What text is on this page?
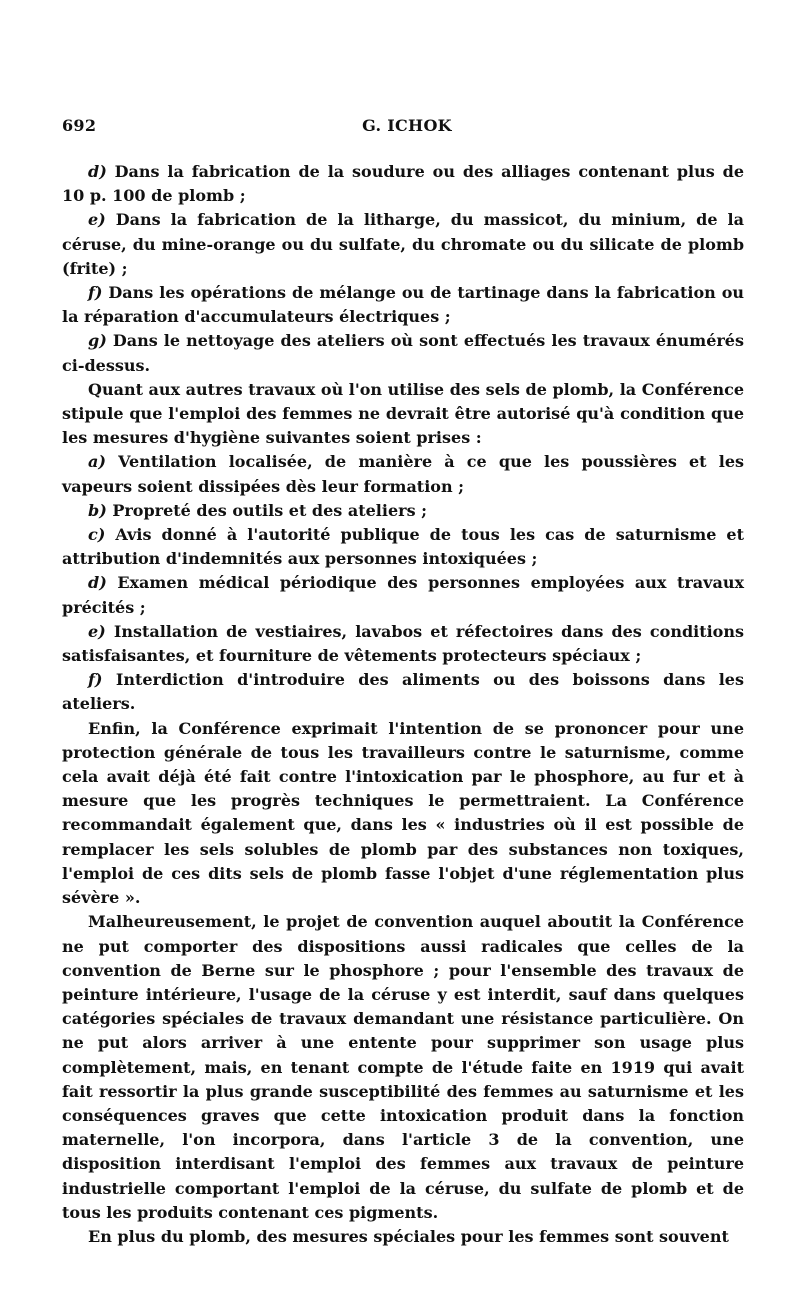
692	G. ICHOK

d) Dans la fabrication de la soudure ou des alliages contenant plus de 10 p. 100 de plomb ;

e) Dans la fabrication de la litharge, du massicot, du minium, de la céruse, du mine-orange ou du sulfate, du chromate ou du silicate de plomb (frite) ;

f) Dans les opérations de mélange ou de tartinage dans la fabrication ou la réparation d'accumulateurs électriques ;

g) Dans le nettoyage des ateliers où sont effectués les travaux énumérés ci-dessus.

Quant aux autres travaux où l'on utilise des sels de plomb, la Conférence stipule que l'emploi des femmes ne devrait être autorisé qu'à condition que les mesures d'hygiène suivantes soient prises :

a) Ventilation localisée, de manière à ce que les poussières et les vapeurs soient dissipées dès leur formation ;

b) Propreté des outils et des ateliers ;

c) Avis donné à l'autorité publique de tous les cas de saturnisme et attribution d'indemnités aux personnes intoxiquées ;

d) Examen médical périodique des personnes employées aux travaux précités ;

e) Installation de vestiaires, lavabos et réfectoires dans des conditions satisfaisantes, et fourniture de vêtements protecteurs spéciaux ;

f) Interdiction d'introduire des aliments ou des boissons dans les ateliers.

Enfin, la Conférence exprimait l'intention de se prononcer pour une protection générale de tous les travailleurs contre le saturnisme, comme cela avait déjà été fait contre l'intoxication par le phosphore, au fur et à mesure que les progrès techniques le permettraient. La Conférence recommandait également que, dans les « industries où il est possible de remplacer les sels solubles de plomb par des substances non toxiques, l'emploi de ces dits sels de plomb fasse l'objet d'une réglementation plus sévère ».

Malheureusement, le projet de convention auquel aboutit la Conférence ne put comporter des dispositions aussi radicales que celles de la convention de Berne sur le phosphore ; pour l'ensemble des travaux de peinture intérieure, l'usage de la céruse y est interdit, sauf dans quelques catégories spéciales de travaux demandant une résistance particulière. On ne put alors arriver à une entente pour supprimer son usage plus complètement, mais, en tenant compte de l'étude faite en 1919 qui avait fait ressortir la plus grande susceptibilité des femmes au saturnisme et les conséquences graves que cette intoxication produit dans la fonction maternelle, l'on incorpora, dans l'article 3 de la convention, une disposition interdisant l'emploi des femmes aux travaux de peinture industrielle comportant l'emploi de la céruse, du sulfate de plomb et de tous les produits contenant ces pigments.

En plus du plomb, des mesures spéciales pour les femmes sont souvent
